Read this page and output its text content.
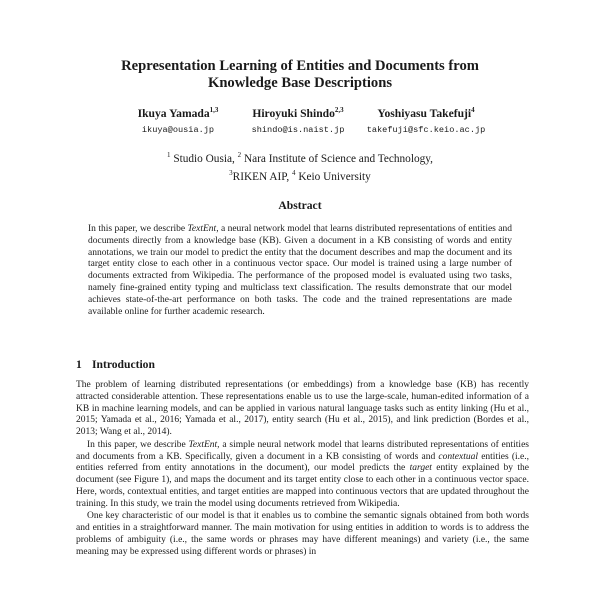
Representation Learning of Entities and Documents from
Knowledge Base Descriptions
Ikuya Yamada$^{1,3}$
ikuya@ousia.jp
Hiroyuki Shindo$^{2,3}$
shindo@is.naist.jp
Yoshiyasu Takefuji$^4$
takefuji@sfc.keio.ac.jp
$^1$ Studio Ousia, $^2$ Nara Institute of Science and Technology,
$^3$RIKEN AIP, $^4$ Keio University
Abstract
In this paper, we describe TextEnt, a neural network model that learns distributed representations of entities and documents directly from a knowledge base (KB). Given a document in a KB consisting of words and entity annotations, we train our model to predict the entity that the document describes and map the document and its target entity close to each other in a continuous vector space. Our model is trained using a large number of documents extracted from Wikipedia. The performance of the proposed model is evaluated using two tasks, namely fine-grained entity typing and multiclass text classification. The results demonstrate that our model achieves state-of-the-art performance on both tasks. The code and the trained representations are made available online for further academic research.
1 Introduction

The problem of learning distributed representations (or embeddings) from a knowledge base (KB) has recently attracted considerable attention. These representations enable us to use the large-scale, human-edited information of a KB in machine learning models, and can be applied in various natural language tasks such as entity linking (Hu et al., 2015; Yamada et al., 2016; Yamada et al., 2017), entity search (Hu et al., 2015), and link prediction (Bordes et al., 2013; Wang et al., 2014).

In this paper, we describe TextEnt, a simple neural network model that learns distributed representations of entities and documents from a KB. Specifically, given a document in a KB consisting of words and contextual entities (i.e., entities referred from entity annotations in the document), our model predicts the target entity explained by the document (see Figure 1), and maps the document and its target entity close to each other in a continuous vector space. Here, words, contextual entities, and target entities are mapped into continuous vectors that are updated throughout the training. In this study, we train the model using documents retrieved from Wikipedia.

One key characteristic of our model is that it enables us to combine the semantic signals obtained from both words and entities in a straightforward manner. The main motivation for using entities in addition to words is to address the problems of ambiguity (i.e., the same words or phrases may have different meanings) and variety (i.e., the same meaning may be expressed using different words or phrases) in
